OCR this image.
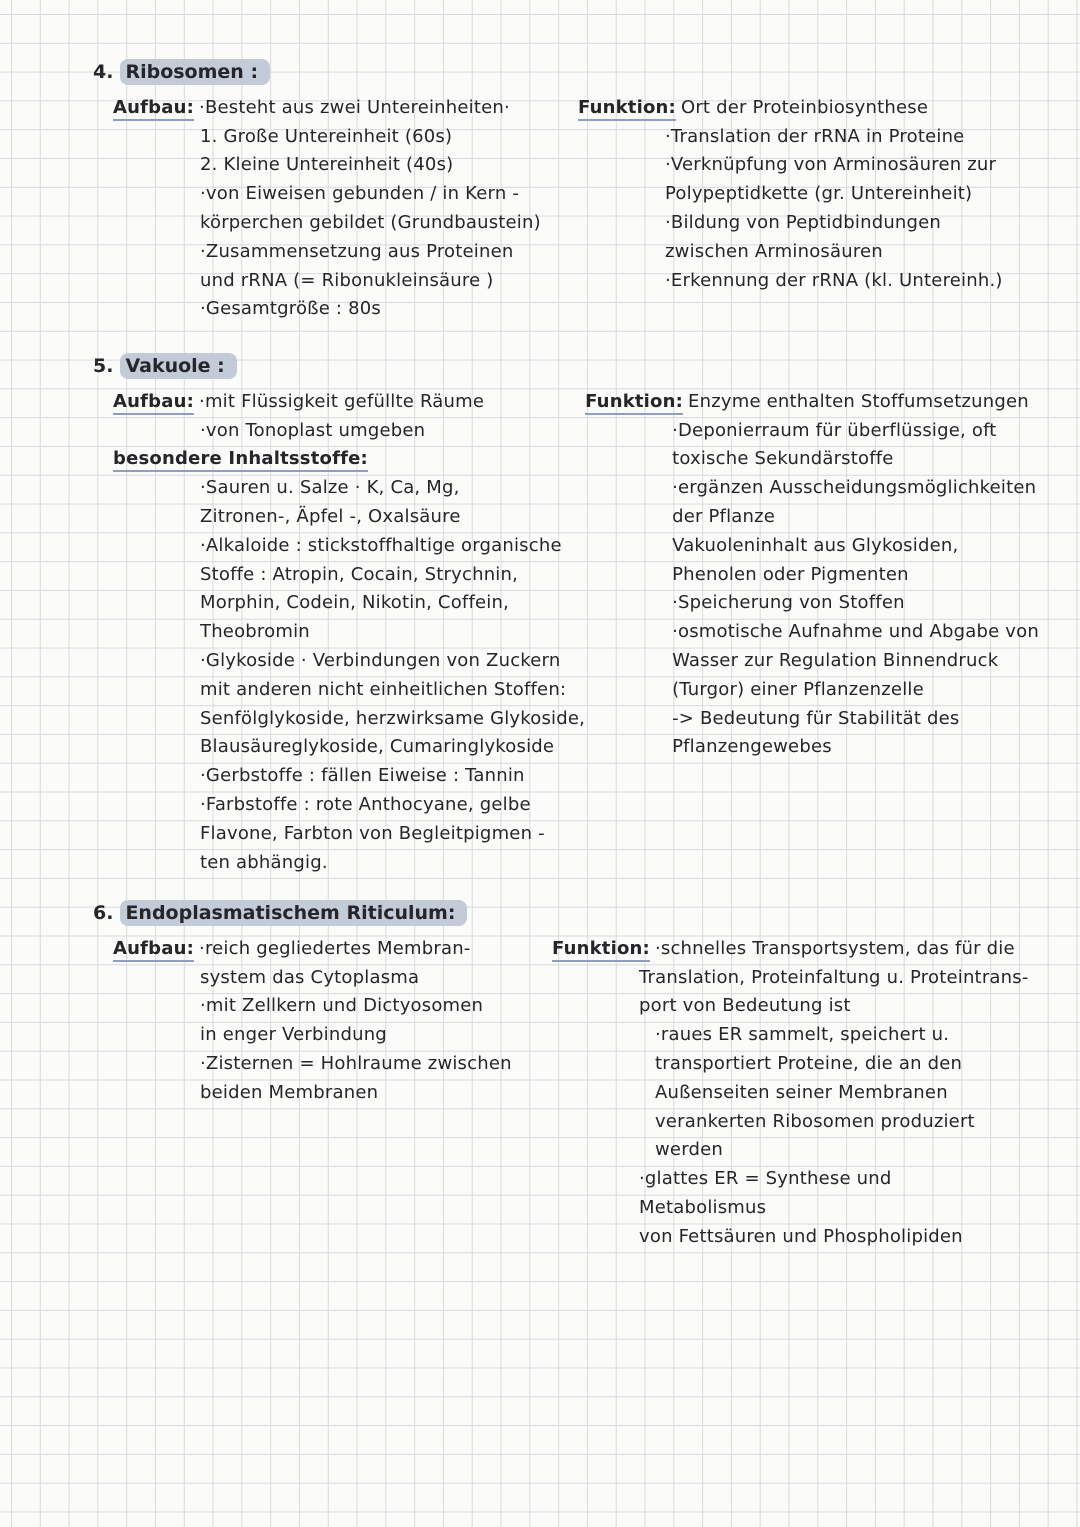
4. Ribosomen :
Aufbau: ·Besteht aus zwei Untereinheiten·
1. Große Untereinheit (60s)
2. Kleine Untereinheit (40s)
·von Eiweisen gebunden / in Kern -
körperchen gebildet (Grundbaustein)
·Zusammensetzung aus Proteinen
und rRNA (= Ribonukleinsäure )
·Gesamtgröße : 80s
Funktion: Ort der Proteinbiosynthese
·Translation der rRNA in Proteine
·Verknüpfung von Arminosäuren zur
Polypeptidkette (gr. Untereinheit)
·Bildung von Peptidbindungen
zwischen Arminosäuren
·Erkennung der rRNA (kl. Untereinh.)
5. Vakuole :
Aufbau: ·mit Flüssigkeit gefüllte Räume
·von Tonoplast umgeben
besondere Inhaltsstoffe:
·Sauren u. Salze · K, Ca, Mg,
Zitronen-, Äpfel -, Oxalsäure
·Alkaloide : stickstoffhaltige organische
Stoffe : Atropin, Cocain, Strychnin,
Morphin, Codein, Nikotin, Coffein,
Theobromin
·Glykoside · Verbindungen von Zuckern
mit anderen nicht einheitlichen Stoffen:
Senfölglykoside, herzwirksame Glykoside,
Blausäureglykoside, Cumaringlykoside
·Gerbstoffe : fällen Eiweise : Tannin
·Farbstoffe : rote Anthocyane, gelbe
Flavone, Farbton von Begleitpigmen -
ten abhängig.
Funktion: Enzyme enthalten Stoffumsetzungen
·Deponierraum für überflüssige, oft
toxische Sekundärstoffe
·ergänzen Ausscheidungsmöglichkeiten
der Pflanze
Vakuoleninhalt aus Glykosiden,
Phenolen oder Pigmenten
·Speicherung von Stoffen
·osmotische Aufnahme und Abgabe von
Wasser zur Regulation Binnendruck
(Turgor) einer Pflanzenzelle
-> Bedeutung für Stabilität des
Pflanzengewebes
6. Endoplasmatischem Riticulum:
Aufbau: ·reich gegliedertes Membran-
system das Cytoplasma
·mit Zellkern und Dictyosomen
in enger Verbindung
·Zisternen = Hohlraume zwischen
beiden Membranen
Funktion: ·schnelles Transportsystem, das für die
Translation, Proteinfaltung u. Proteintrans-
port von Bedeutung ist
·raues ER sammelt, speichert u.
transportiert Proteine, die an den
Außenseiten seiner Membranen
verankerten Ribosomen produziert
werden
·glattes ER = Synthese und
Metabolismus
von Fettsäuren und Phospholipiden
